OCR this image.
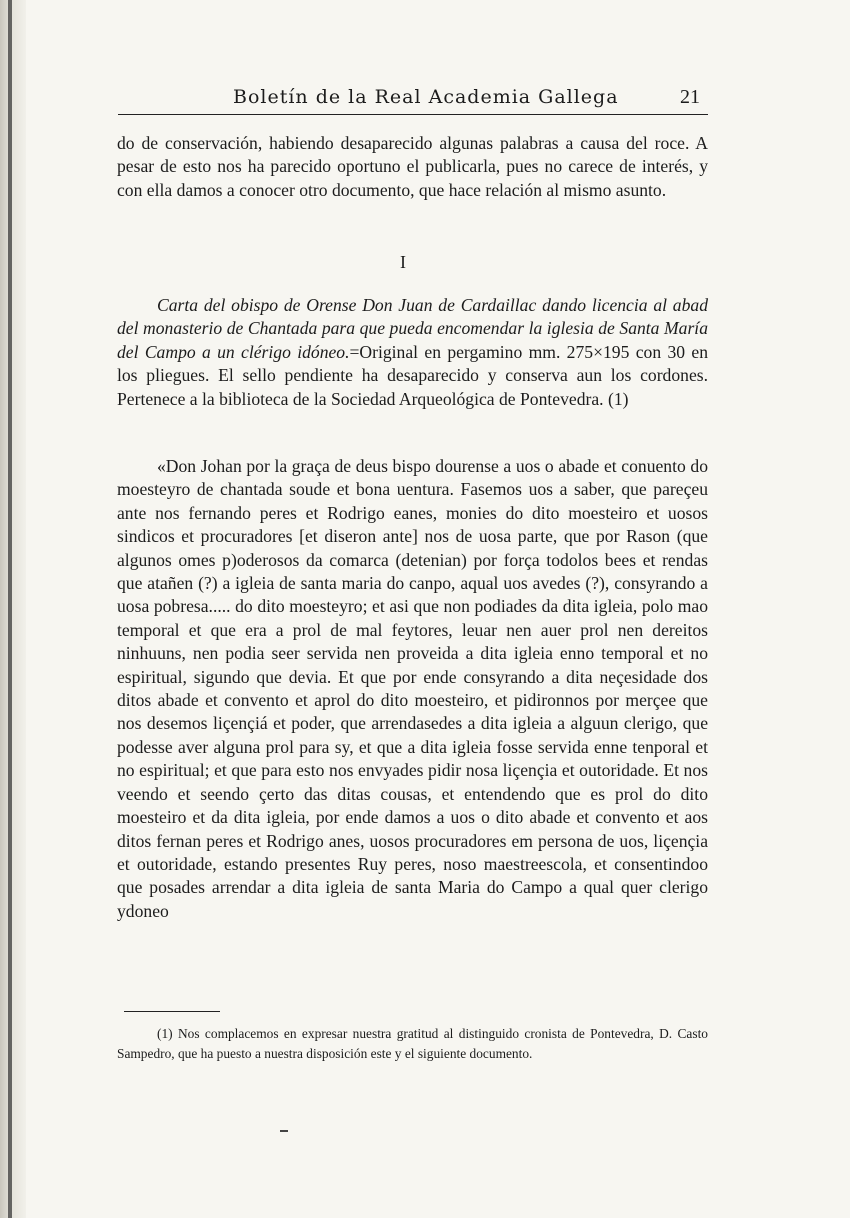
Boletín de la Real Academia Gallega	21

do de conservación, habiendo desaparecido algunas palabras a causa del roce. A pesar de esto nos ha parecido oportuno el publicarla, pues no carece de interés, y con ella damos a conocer otro documento, que hace relación al mismo asunto.

I

Carta del obispo de Orense Don Juan de Cardaillac dando licencia al abad del monasterio de Chantada para que pueda encomendar la iglesia de Santa María del Campo a un clérigo idóneo.=Original en pergamino mm. 275×195 con 30 en los pliegues. El sello pendiente ha desaparecido y conserva aun los cordones. Pertenece a la biblioteca de la Sociedad Arqueológica de Pontevedra. (1)

«Don Johan por la graça de deus bispo dourense a uos o abade et conuento do moesteyro de chantada soude et bona uentura. Fasemos uos a saber, que pareçeu ante nos fernando peres et Rodrigo eanes, monies do dito moesteiro et uosos sindicos et procuradores [et diseron ante] nos de uosa parte, que por Rason (que algunos omes p)oderosos da comarca (detenian) por força todolos bees et rendas que atañen (?) a igleia de santa maria do canpo, aqual uos avedes (?), consyrando a uosa pobresa..... do dito moesteyro; et asi que non podiades da dita igleia, polo mao temporal et que era a prol de mal feytores, leuar nen auer prol nen dereitos ninhuuns, nen podia seer servida nen proveida a dita igleia enno temporal et no espiritual, sigundo que devia. Et que por ende consyrando a dita neçesidade dos ditos abade et convento et aprol do dito moesteiro, et pidironnos por merçee que nos desemos liçençiá et poder, que arrendasedes a dita igleia a alguun clerigo, que podesse aver alguna prol para sy, et que a dita igleia fosse servida enne tenporal et no espiritual; et que para esto nos envyades pidir nosa liçençia et outoridade. Et nos veendo et seendo çerto das ditas cousas, et entendendo que es prol do dito moesteiro et da dita igleia, por ende damos a uos o dito abade et convento et aos ditos fernan peres et Rodrigo anes, uosos procuradores em persona de uos, liçençia et outoridade, estando presentes Ruy peres, noso maestreescola, et consentindoo que posades arrendar a dita igleia de santa Maria do Campo a qual quer clerigo ydoneo

(1) Nos complacemos en expresar nuestra gratitud al distinguido cronista de Pontevedra, D. Casto Sampedro, que ha puesto a nuestra disposición este y el siguiente documento.
